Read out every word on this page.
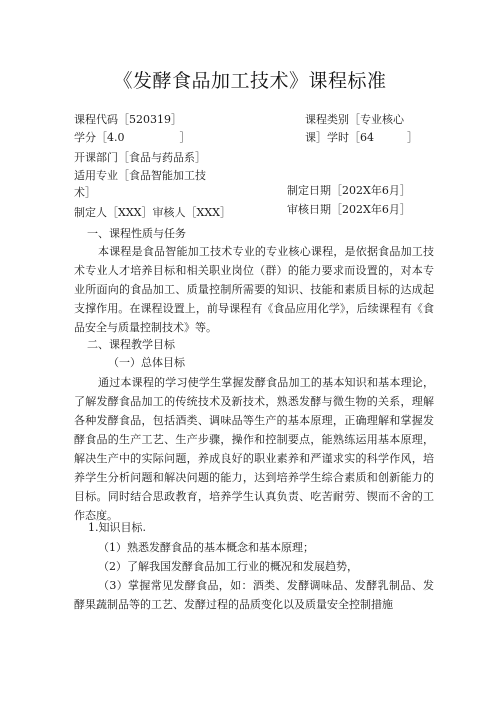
《发酵食品加工技术》课程标准
课程代码［520319］
学分［4.0　　　　　］
开课部门［食品与药品系］
适用专业［食品智能加工技
术］
制定人［XXX］审核人［XXX］
课程类别［专业核心
课］学时［64　　　］
制定日期［202X年6月］
审核日期［202X年6月］
一、课程性质与任务
本课程是食品智能加工技术专业的专业核心课程，是依据食品加工技术专业人才培养目标和相关职业岗位（群）的能力要求而设置的，对本专业所面向的食品加工、质量控制所需要的知识、技能和素质目标的达成起支撑作用。在课程设置上，前导课程有《食品应用化学》，后续课程有《食品安全与质量控制技术》等。
二、课程教学目标
（一）总体目标
通过本课程的学习使学生掌握发酵食品加工的基本知识和基本理论，了解发酵食品加工的传统技术及新技术，熟悉发酵与微生物的关系，理解各种发酵食品，包括酒类、调味品等生产的基本原理，正确理解和掌握发酵食品的生产工艺、生产步骤，操作和控制要点，能熟练运用基本原理，解决生产中的实际问题，养成良好的职业素养和严谨求实的科学作风，培养学生分析问题和解决问题的能力，达到培养学生综合素质和创新能力的目标。同时结合思政教育，培养学生认真负责、吃苦耐劳、锲而不舍的工作态度。
1.知识目标.
（1）熟悉发酵食品的基本概念和基本原理；
（2）了解我国发酵食品加工行业的概况和发展趋势，
（3）掌握常见发酵食品，如：酒类、发酵调味品、发酵乳制品、发酵果蔬制品等的工艺、发酵过程的品质变化以及质量安全控制措施
